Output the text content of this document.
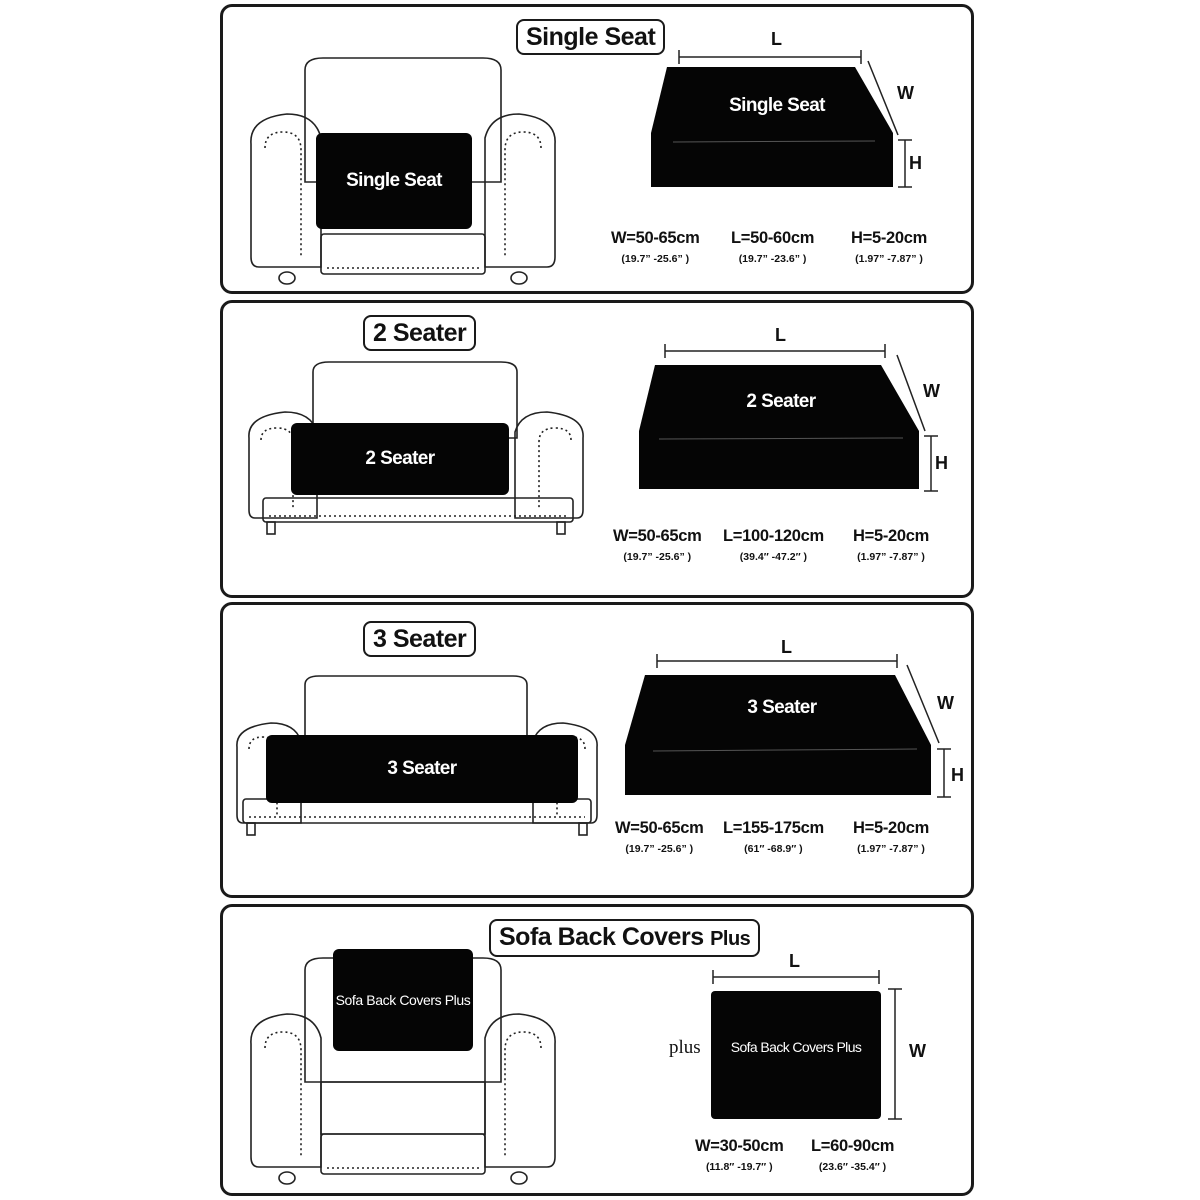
Single Seat
Single Seat
Single Seat
L
W
H
W=50-65cm
(19.7” -25.6” )
L=50-60cm
(19.7” -23.6” )
H=5-20cm
(1.97” -7.87” )
2 Seater
2 Seater
2 Seater
L
W
H
W=50-65cm
(19.7” -25.6” )
L=100-120cm
(39.4″ -47.2″ )
H=5-20cm
(1.97” -7.87” )
3 Seater
3 Seater
3 Seater
L
W
H
W=50-65cm
(19.7” -25.6” )
L=155-175cm
(61″ -68.9″ )
H=5-20cm
(1.97” -7.87” )
Sofa Back Covers Plus
Sofa Back Covers Plus
plus	Sofa Back Covers Plus
L
W
W=30-50cm
(11.8″ -19.7″ )
L=60-90cm
(23.6″ -35.4″ )
